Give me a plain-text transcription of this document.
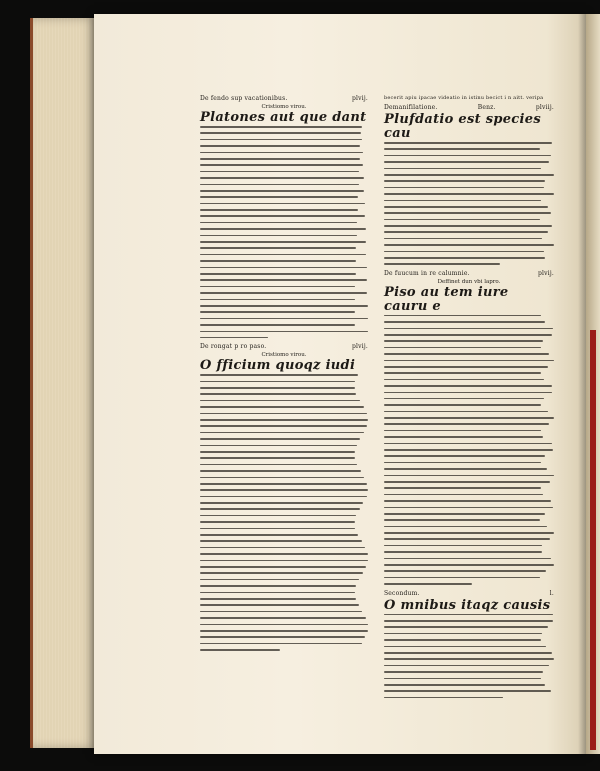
De fendo sup vacationibus.	plvij.
Cristiomo virou.
Platones aut que dant
De rongat p ro paso.	plvij.
Cristiomo virou.
O fficium quoqz iudi
becerit apiu ipacae videatio in istinu becict i n aitt. veripa
Demanifilatione.	Benz.	plviij.
Plufdatio est species cau
De fuucum in re calumnie.	plvij.
Deffinet dun vbi lapro.
Piso au tem iure cauru e
Secondum.	l.
O mnibus itaqz causis
